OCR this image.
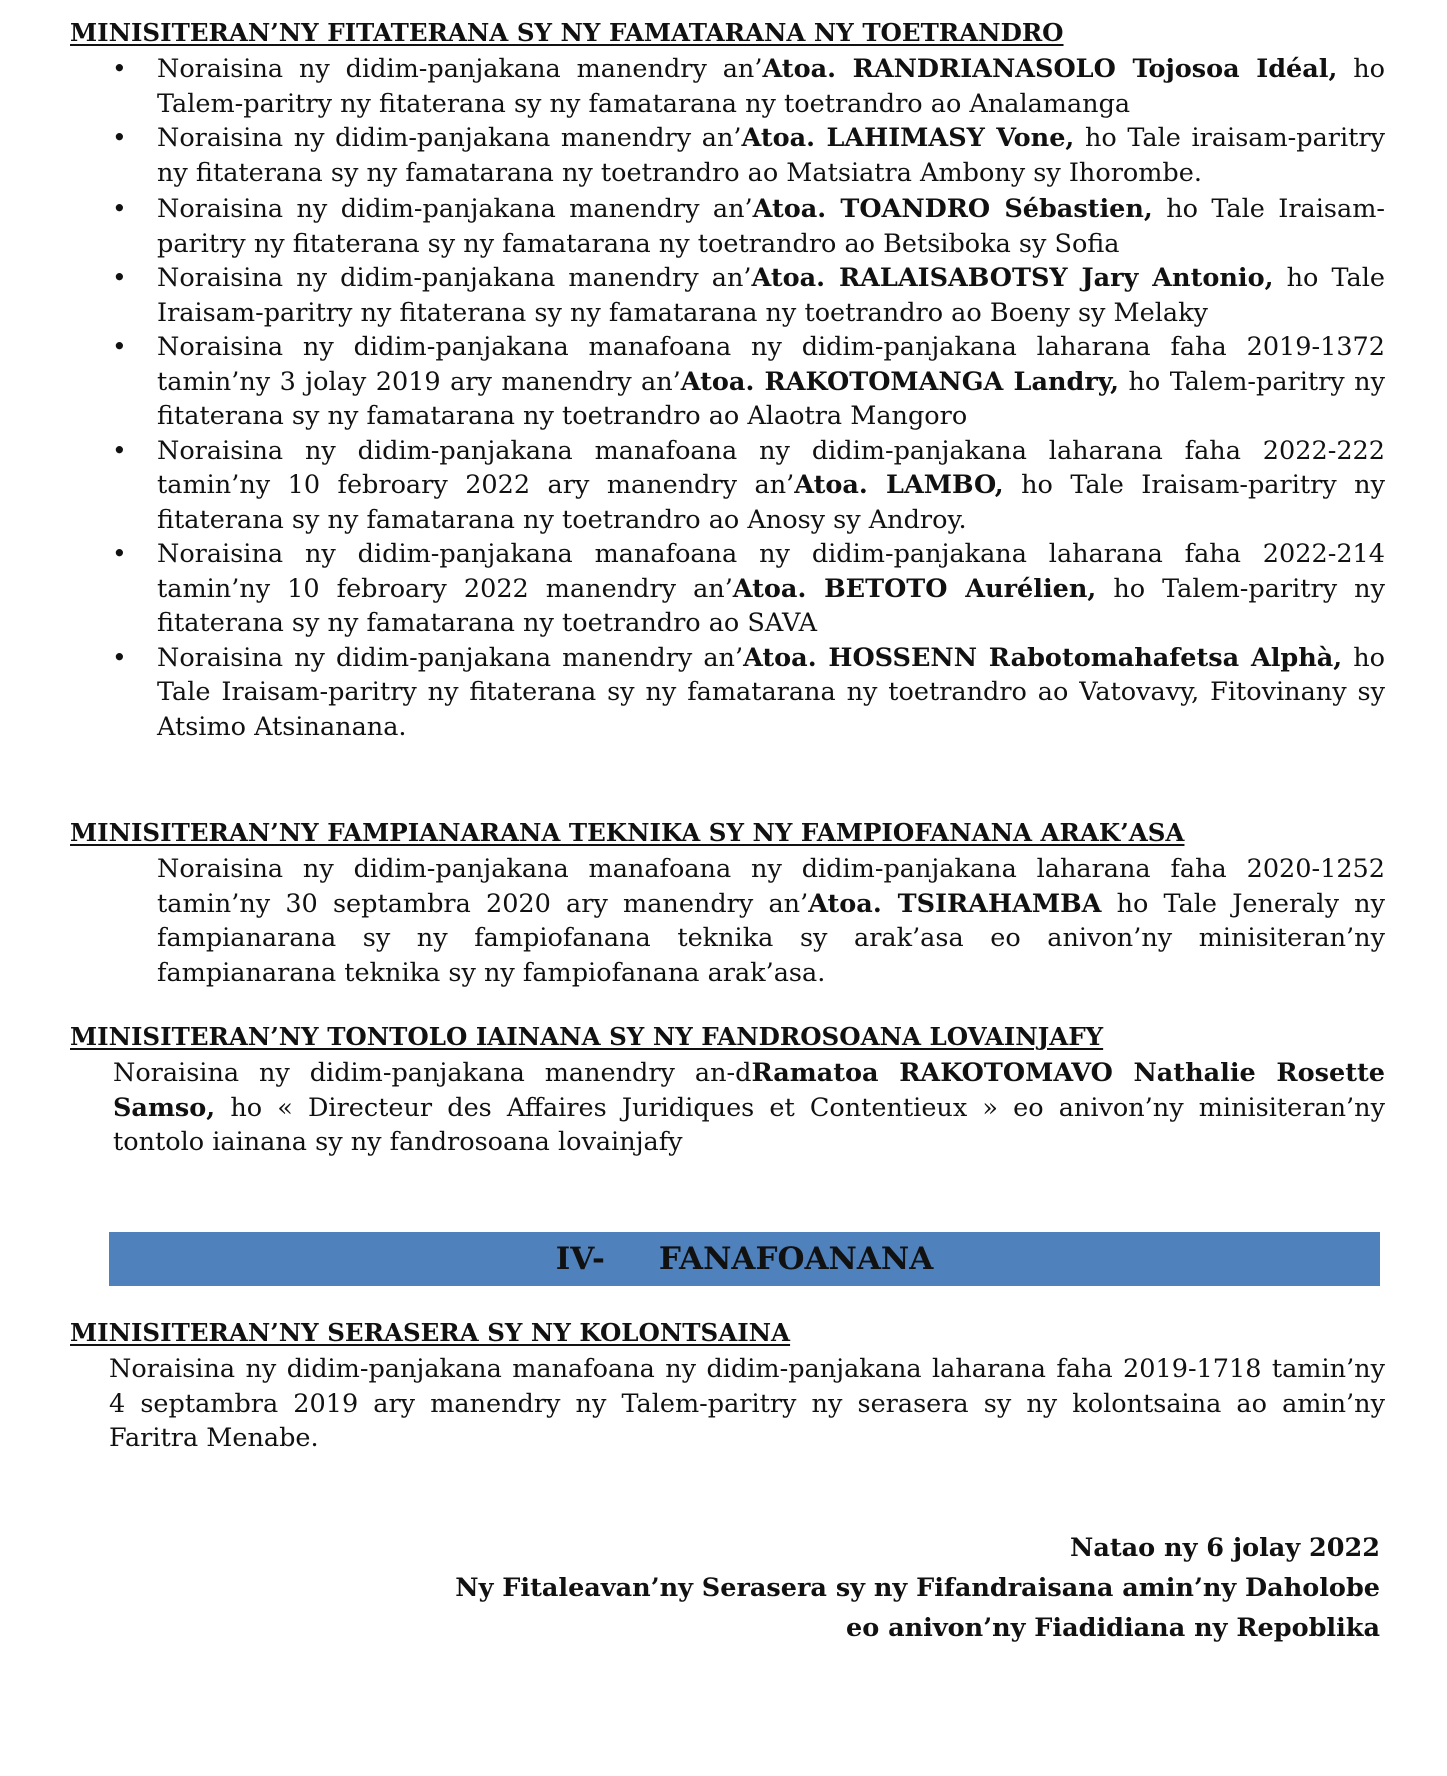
MINISITERAN’NY FITATERANA SY NY FAMATARANA NY TOETRANDRO
• Noraisina ny didim-panjakana manendry an’Atoa. RANDRIANASOLO Tojosoa Idéal, ho Talem-paritry ny fitaterana sy ny famatarana ny toetrandro ao Analamanga
• Noraisina ny didim-panjakana manendry an’Atoa. LAHIMASY Vone, ho Tale iraisam-paritry ny fitaterana sy ny famatarana ny toetrandro ao Matsiatra Ambony sy Ihorombe.
• Noraisina ny didim-panjakana manendry an’Atoa. TOANDRO Sébastien, ho Tale Iraisam-paritry ny fitaterana sy ny famatarana ny toetrandro ao Betsiboka sy Sofia
• Noraisina ny didim-panjakana manendry an’Atoa. RALAISABOTSY Jary Antonio, ho Tale Iraisam-paritry ny fitaterana sy ny famatarana ny toetrandro ao Boeny sy Melaky
• Noraisina ny didim-panjakana manafoana ny didim-panjakana laharana faha 2019-1372 tamin’ny 3 jolay 2019 ary manendry an’Atoa. RAKOTOMANGA Landry, ho Talem-paritry ny fitaterana sy ny famatarana ny toetrandro ao Alaotra Mangoro
• Noraisina ny didim-panjakana manafoana ny didim-panjakana laharana faha 2022-222 tamin’ny 10 febroary 2022 ary manendry an’Atoa. LAMBO, ho Tale Iraisam-paritry ny fitaterana sy ny famatarana ny toetrandro ao Anosy sy Androy.
• Noraisina ny didim-panjakana manafoana ny didim-panjakana laharana faha 2022-214 tamin’ny 10 febroary 2022 manendry an’Atoa. BETOTO Aurélien, ho Talem-paritry ny fitaterana sy ny famatarana ny toetrandro ao SAVA
• Noraisina ny didim-panjakana manendry an’Atoa. HOSSENN Rabotomahafetsa Alphà, ho Tale Iraisam-paritry ny fitaterana sy ny famatarana ny toetrandro ao Vatovavy, Fitovinany sy Atsimo Atsinanana.
MINISITERAN’NY FAMPIANARANA TEKNIKA SY NY FAMPIOFANANA ARAK’ASA

Noraisina ny didim-panjakana manafoana ny didim-panjakana laharana faha 2020-1252 tamin’ny 30 septambra 2020 ary manendry an’Atoa. TSIRAHAMBA ho Tale Jeneraly ny fampianarana sy ny fampiofanana teknika sy arak’asa eo anivon’ny minisiteran’ny fampianarana teknika sy ny fampiofanana arak’asa.

MINISITERAN’NY TONTOLO IAINANA SY NY FANDROSOANA LOVAINJAFY

Noraisina ny didim-panjakana manendry an-dRamatoa RAKOTOMAVO Nathalie Rosette Samso, ho « Directeur des Affaires Juridiques et Contentieux » eo anivon’ny minisiteran’ny tontolo iainana sy ny fandrosoana lovainjafy

IV-
FANAFOANANA
MINISITERAN’NY SERASERA SY NY KOLONTSAINA

Noraisina ny didim-panjakana manafoana ny didim-panjakana laharana faha 2019-1718 tamin’ny 4 septambra 2019 ary manendry ny Talem-paritry ny serasera sy ny kolontsaina ao amin’ny Faritra Menabe.

Natao ny 6 jolay 2022
Ny Fitaleavan’ny Serasera sy ny Fifandraisana amin’ny Daholobe
eo anivon’ny Fiadidiana ny Repoblika
